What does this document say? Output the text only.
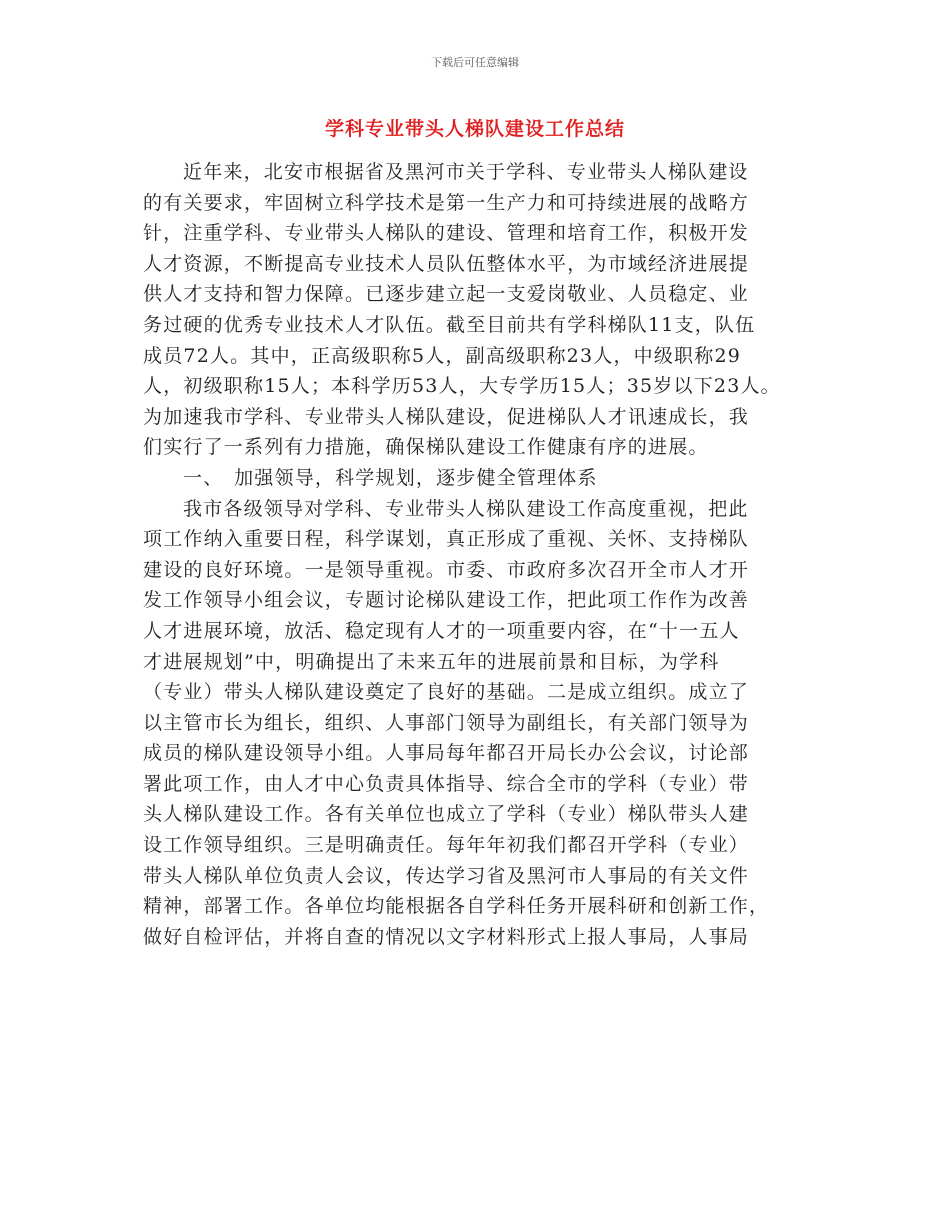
下载后可任意编辑
学科专业带头人梯队建设工作总结
近年来，北安市根据省及黑河市关于学科、专业带头人梯队建设
的有关要求，牢固树立科学技术是第一生产力和可持续进展的战略方
针，注重学科、专业带头人梯队的建设、管理和培育工作，积极开发
人才资源，不断提高专业技术人员队伍整体水平，为市域经济进展提
供人才支持和智力保障。已逐步建立起一支爱岗敬业、人员稳定、业
务过硬的优秀专业技术人才队伍。截至目前共有学科梯队11支，队伍
成员72人。其中，正高级职称5人，副高级职称23人，中级职称29
人，初级职称15人；本科学历53人，大专学历15人；35岁以下23人。
为加速我市学科、专业带头人梯队建设，促进梯队人才讯速成长，我
们实行了一系列有力措施，确保梯队建设工作健康有序的进展。
一、　加强领导，科学规划，逐步健全管理体系
我市各级领导对学科、专业带头人梯队建设工作高度重视，把此
项工作纳入重要日程，科学谋划，真正形成了重视、关怀、支持梯队
建设的良好环境。一是领导重视。市委、市政府多次召开全市人才开
发工作领导小组会议，专题讨论梯队建设工作，把此项工作作为改善
人才进展环境，放活、稳定现有人才的一项重要内容，在“十一五人
才进展规划”中，明确提出了未来五年的进展前景和目标，为学科
（专业）带头人梯队建设奠定了良好的基础。二是成立组织。成立了
以主管市长为组长，组织、人事部门领导为副组长，有关部门领导为
成员的梯队建设领导小组。人事局每年都召开局长办公会议，讨论部
署此项工作，由人才中心负责具体指导、综合全市的学科（专业）带
头人梯队建设工作。各有关单位也成立了学科（专业）梯队带头人建
设工作领导组织。三是明确责任。每年年初我们都召开学科（专业）
带头人梯队单位负责人会议，传达学习省及黑河市人事局的有关文件
精神，部署工作。各单位均能根据各自学科任务开展科研和创新工作，
做好自检评估，并将自查的情况以文字材料形式上报人事局，人事局
